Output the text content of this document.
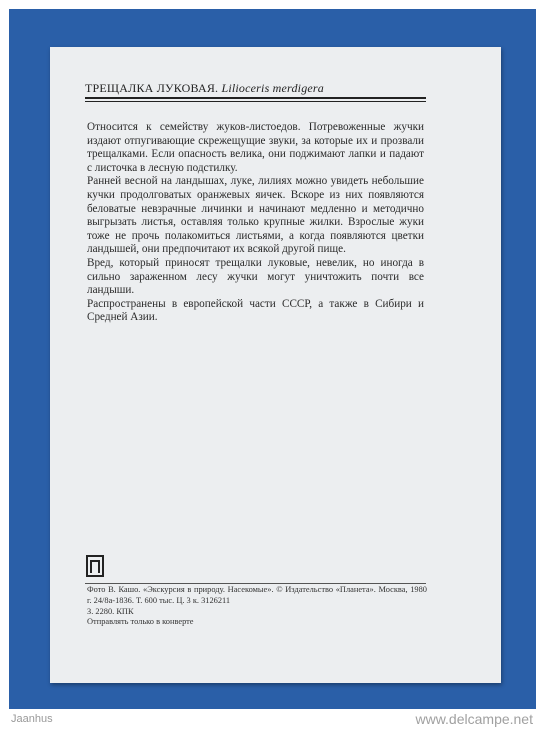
ТРЕЩАЛКА ЛУКОВАЯ. Lilioceris merdigera

Относится к семейству жуков-листоедов. Потревоженные жучки издают отпугивающие скрежещущие звуки, за которые их и прозвали трещалками. Если опасность велика, они поджимают лапки и падают с листочка в лесную подстилку.

Ранней весной на ландышах, луке, лилиях можно увидеть небольшие кучки продолговатых оранжевых яичек. Вскоре из них появляются беловатые невзрачные личинки и начинают медленно и методично выгрызать листья, оставляя только крупные жилки. Взрослые жуки тоже не прочь полакомиться листьями, а когда появляются цветки ландышей, они предпочитают их всякой другой пище.

Вред, который приносят трещалки луковые, невелик, но иногда в сильно зараженном лесу жучки могут уничтожить почти все ландыши.

Распространены в европейской части СССР, а также в Сибири и Средней Азии.

Фото В. Кашо. «Экскурсия в природу. Насекомые». © Издательство «Планета». Москва, 1980 г. 24/8а-1836. Т. 600 тыс. Ц. 3 к. 3126211
З. 2280. КПК
Отправлять только в конверте
Jaanhus	www.delcampe.net
